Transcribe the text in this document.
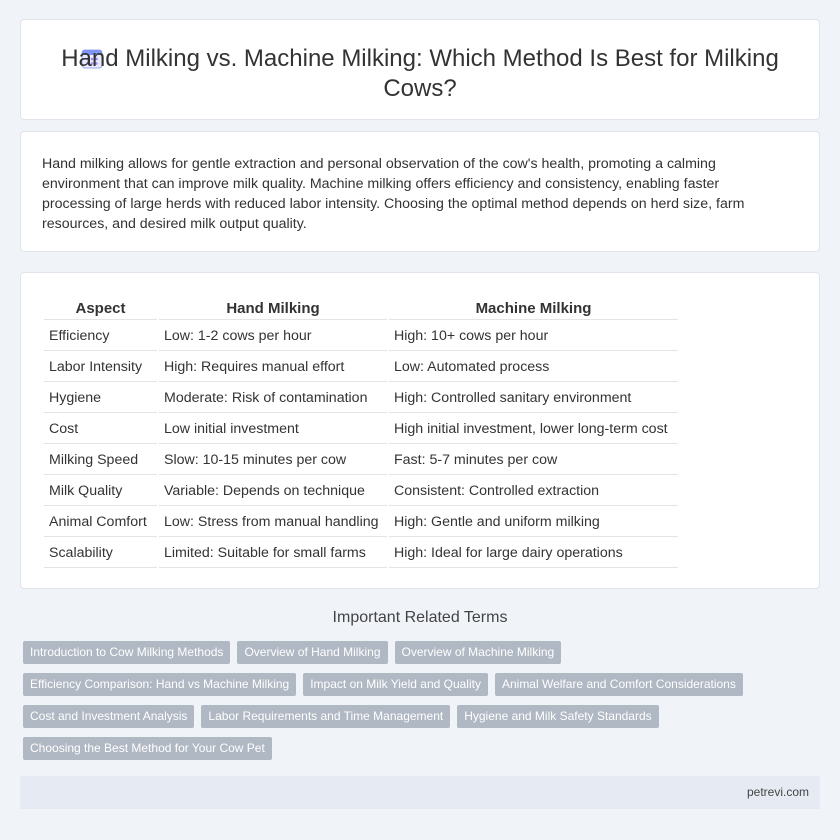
Hand Milking vs. Machine Milking: Which Method Is Best for Milking Cows?

Hand milking allows for gentle extraction and personal observation of the cow's health, promoting a calming environment that can improve milk quality. Machine milking offers efficiency and consistency, enabling faster processing of large herds with reduced labor intensity. Choosing the optimal method depends on herd size, farm resources, and desired milk output quality.

Aspect	Hand Milking	Machine Milking
Efficiency	Low: 1-2 cows per hour	High: 10+ cows per hour
Labor Intensity	High: Requires manual effort	Low: Automated process
Hygiene	Moderate: Risk of contamination	High: Controlled sanitary environment
Cost	Low initial investment	High initial investment, lower long-term cost
Milking Speed	Slow: 10-15 minutes per cow	Fast: 5-7 minutes per cow
Milk Quality	Variable: Depends on technique	Consistent: Controlled extraction
Animal Comfort	Low: Stress from manual handling	High: Gentle and uniform milking
Scalability	Limited: Suitable for small farms	High: Ideal for large dairy operations
Important Related Terms
Introduction to Cow Milking Methods	Overview of Hand Milking	Overview of Machine Milking
Efficiency Comparison: Hand vs Machine Milking	Impact on Milk Yield and Quality	Animal Welfare and Comfort Considerations
Cost and Investment Analysis	Labor Requirements and Time Management	Hygiene and Milk Safety Standards
Choosing the Best Method for Your Cow Pet
petrevi.com
